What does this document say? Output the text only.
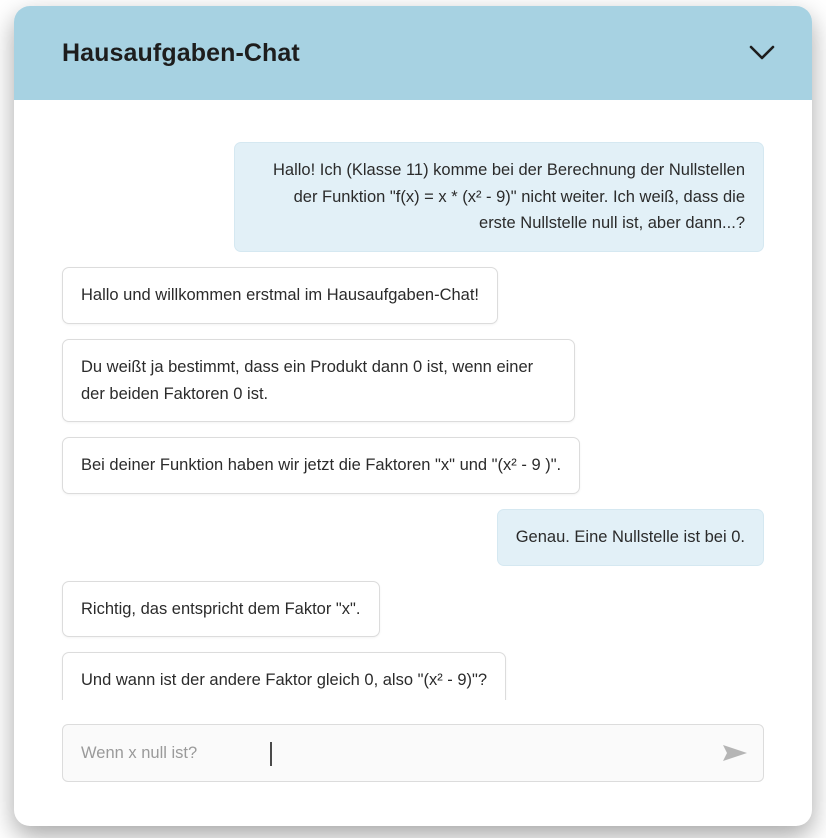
Hausaufgaben-Chat
Hallo! Ich (Klasse 11) komme bei der Berechnung der Nullstellen der Funktion "f(x) = x * (x² - 9)" nicht weiter. Ich weiß, dass die erste Nullstelle null ist, aber dann...?
Hallo und willkommen erstmal im Hausaufgaben-Chat!
Du weißt ja bestimmt, dass ein Produkt dann 0 ist, wenn einer der beiden Faktoren 0 ist.
Bei deiner Funktion haben wir jetzt die Faktoren "x" und "(x² - 9 )".
Genau. Eine Nullstelle ist bei 0.
Richtig, das entspricht dem Faktor "x".
Und wann ist der andere Faktor gleich 0, also "(x² - 9)"?
Wenn x null ist?
